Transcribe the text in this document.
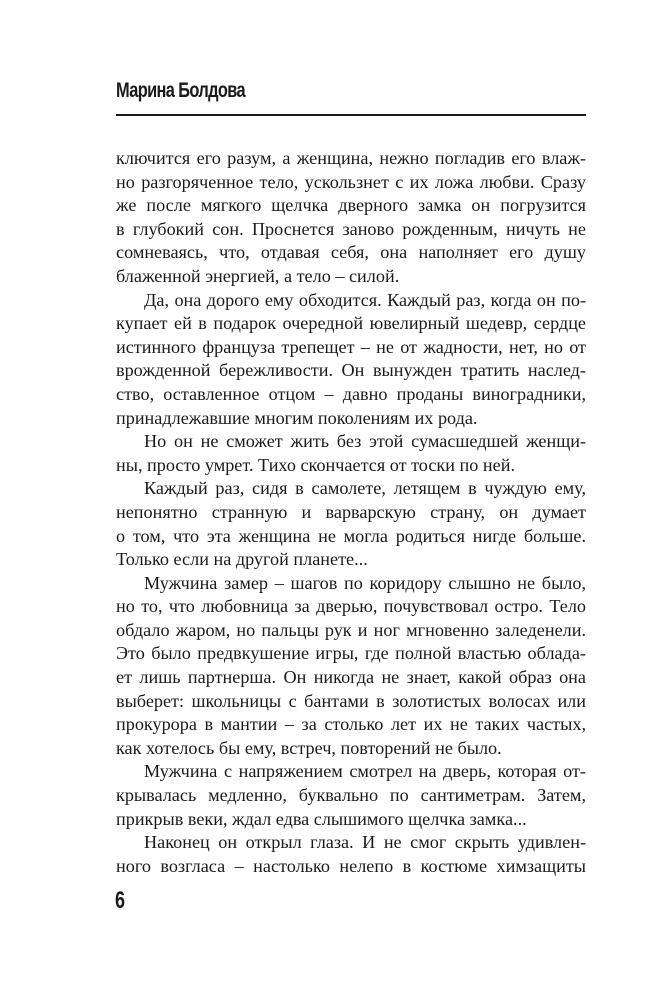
Марина Болдова
ключится его разум, а женщина, нежно погладив его влаж-
но разгоряченное тело, ускользнет с их ложа любви. Сразу
же после мягкого щелчка дверного замка он погрузится
в глубокий сон. Проснется заново рожденным, ничуть не
сомневаясь, что, отдавая себя, она наполняет его душу
блаженной энергией, а тело – силой.
Да, она дорого ему обходится. Каждый раз, когда он по-
купает ей в подарок очередной ювелирный шедевр, сердце
истинного француза трепещет – не от жадности, нет, но от
врожденной бережливости. Он вынужден тратить наслед-
ство, оставленное отцом – давно проданы виноградники,
принадлежавшие многим поколениям их рода.
Но он не сможет жить без этой сумасшедшей женщи-
ны, просто умрет. Тихо скончается от тоски по ней.
Каждый раз, сидя в самолете, летящем в чуждую ему,
непонятно странную и варварскую страну, он думает
о том, что эта женщина не могла родиться нигде больше.
Только если на другой планете...
Мужчина замер – шагов по коридору слышно не было,
но то, что любовница за дверью, почувствовал остро. Тело
обдало жаром, но пальцы рук и ног мгновенно заледенели.
Это было предвкушение игры, где полной властью облада-
ет лишь партнерша. Он никогда не знает, какой образ она
выберет: школьницы с бантами в золотистых волосах или
прокурора в мантии – за столько лет их не таких частых,
как хотелось бы ему, встреч, повторений не было.
Мужчина с напряжением смотрел на дверь, которая от-
крывалась медленно, буквально по сантиметрам. Затем,
прикрыв веки, ждал едва слышимого щелчка замка...
Наконец он открыл глаза. И не смог скрыть удивлен-
ного возгласа – настолько нелепо в костюме химзащиты
6
